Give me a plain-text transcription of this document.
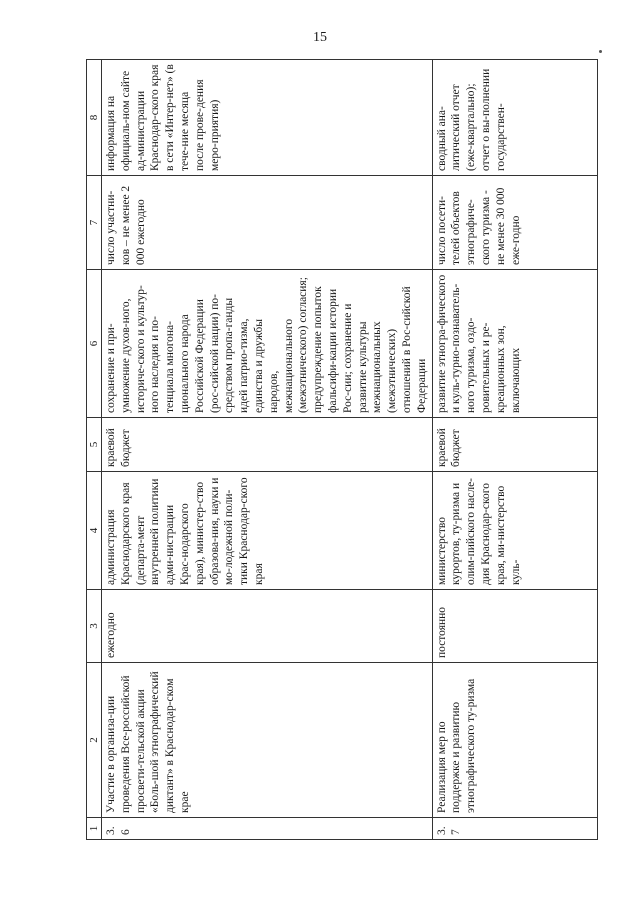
15
1	2	3	4	5	6	7	8
3.6	Участие в организа-ции проведения Все-российской просвети-тельской акции «Боль-шой этнографический диктант» в Краснодар-ском крае	ежегодно	администрация Краснодарского края (департа-мент внутренней политики адми-нистрации Крас-нодарского края), министер-ство образова-ния, науки и мо-лодежной поли-тики Краснодар-ского края	краевой бюджет	сохранение и при-умножение духов-ного, историче-ского и культур-ного наследия и по-тенциала многона-ционального народа Российской Федерации (рос-сийской нации) по-средством пропа-ганды идей патрио-тизма, единства и дружбы народов, межнационального (межэтнического) согласия; предупреждение попыток фальсифи-кации истории Рос-сии; сохранение и развитие культуры межнациональных (межэтнических) отношений в Рос-сийской Федерации	число участни-ков – не менее 2 000 ежегодно	информация на официаль-ном сайте ад-министрации Краснодар-ского края в сети «Интер-нет» (в тече-ние месяца после прове-дения меро-приятия)
3.7	Реализация мер по поддержке и развитию этнографического ту-ризма	постоянно	министерство курортов, ту-ризма и олим-пийского насле-дия Краснодар-ского края, ми-нистерство куль-	краевой бюджет	развитие этногра-фического и куль-турно-познаватель-ного туризма, оздо-ровительных и ре-креационных зон, включающих	число посети-телей объектов этнографиче-ского туризма - не менее 30 000 еже-годно	сводный ана-литический отчет (еже-квартально); отчет о вы-полнении государствен-
